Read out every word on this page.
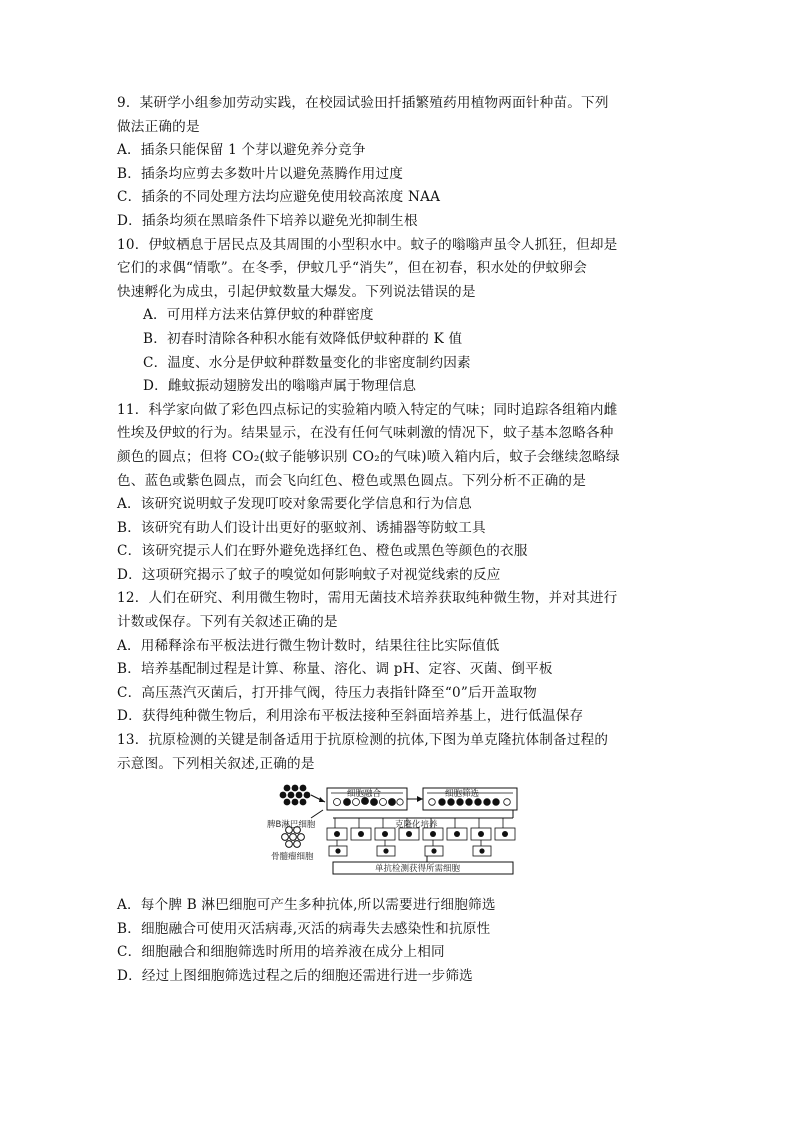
9．某研学小组参加劳动实践，在校园试验田扦插繁殖药用植物两面针种苗。下列
做法正确的是
A．插条只能保留 1 个芽以避免养分竞争
B．插条均应剪去多数叶片以避免蒸腾作用过度
C．插条的不同处理方法均应避免使用较高浓度 NAA
D．插条均须在黑暗条件下培养以避免光抑制生根
10．伊蚊栖息于居民点及其周围的小型积水中。蚊子的嗡嗡声虽令人抓狂，但却是
它们的求偶“情歌”。在冬季，伊蚊几乎“消失”，但在初春，积水处的伊蚊卵会
快速孵化为成虫，引起伊蚊数量大爆发。下列说法错误的是
A．可用样方法来估算伊蚊的种群密度
B．初春时清除各种积水能有效降低伊蚊种群的 K 值
C．温度、水分是伊蚊种群数量变化的非密度制约因素
D．雌蚊振动翅膀发出的嗡嗡声属于物理信息
11．科学家向做了彩色四点标记的实验箱内喷入特定的气味；同时追踪各组箱内雌
性埃及伊蚊的行为。结果显示，在没有任何气味刺激的情况下，蚊子基本忽略各种
颜色的圆点；但将 CO₂(蚊子能够识别 CO₂的气味)喷入箱内后，蚊子会继续忽略绿
色、蓝色或紫色圆点，而会飞向红色、橙色或黑色圆点。下列分析不正确的是
A．该研究说明蚊子发现叮咬对象需要化学信息和行为信息
B．该研究有助人们设计出更好的驱蚊剂、诱捕器等防蚊工具
C．该研究提示人们在野外避免选择红色、橙色或黑色等颜色的衣服
D．这项研究揭示了蚊子的嗅觉如何影响蚊子对视觉线索的反应
12．人们在研究、利用微生物时，需用无菌技术培养获取纯种微生物，并对其进行
计数或保存。下列有关叙述正确的是
A．用稀释涂布平板法进行微生物计数时，结果往往比实际值低
B．培养基配制过程是计算、称量、溶化、调 pH、定容、灭菌、倒平板
C．高压蒸汽灭菌后，打开排气阀，待压力表指针降至“0”后开盖取物
D．获得纯种微生物后，利用涂布平板法接种至斜面培养基上，进行低温保存
13．抗原检测的关键是制备适用于抗原检测的抗体,下图为单克隆抗体制备过程的
示意图。下列相关叙述,正确的是
脾B淋巴细胞
骨髓瘤细胞
细胞融合	细胞筛选
克隆化培养
单抗检测获得所需细胞
A．每个脾 B 淋巴细胞可产生多种抗体,所以需要进行细胞筛选
B．细胞融合可使用灭活病毒,灭活的病毒失去感染性和抗原性
C．细胞融合和细胞筛选时所用的培养液在成分上相同
D．经过上图细胞筛选过程之后的细胞还需进行进一步筛选
